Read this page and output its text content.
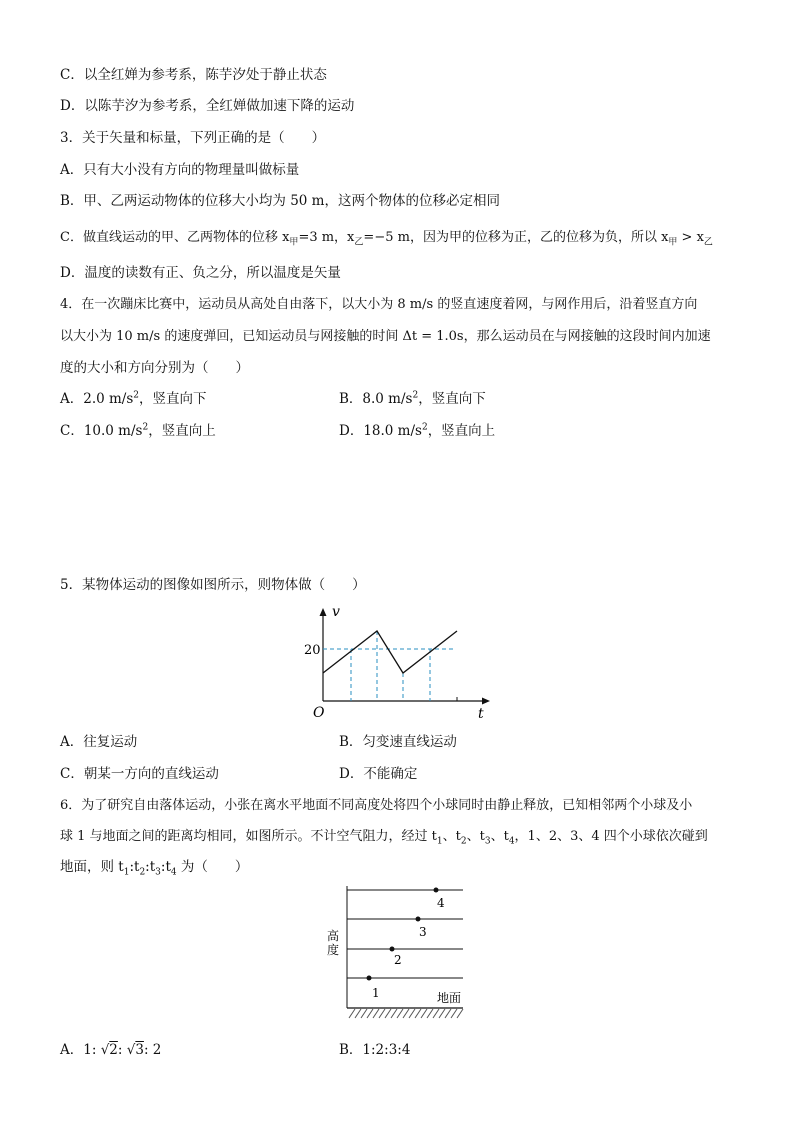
C．以全红婵为参考系，陈芋汐处于静止状态
D．以陈芋汐为参考系，全红婵做加速下降的运动
3．关于矢量和标量，下列正确的是（　　）
A．只有大小没有方向的物理量叫做标量
B．甲、乙两运动物体的位移大小均为 50 m，这两个物体的位移必定相同
C．做直线运动的甲、乙两物体的位移 $x_甲=3$ m，$x_乙=-5$ m，因为甲的位移为正，乙的位移为负，所以 $x_甲 > x_乙$
D．温度的读数有正、负之分，所以温度是矢量
4．在一次蹦床比赛中，运动员从高处自由落下，以大小为 8 m/s 的竖直速度着网，与网作用后，沿着竖直方向
以大小为 10 m/s 的速度弹回，已知运动员与网接触的时间 Δt = 1.0s，那么运动员在与网接触的这段时间内加速
度的大小和方向分别为（　　）
A．2.0 $m/s^2$，竖直向下	B．8.0 $m/s^2$，竖直向下
C．10.0 $m/s^2$，竖直向上	D．18.0 $m/s^2$，竖直向上
5．某物体运动的图像如图所示，则物体做（　　）
v
t
O
20
A．往复运动	B．匀变速直线运动
C．朝某一方向的直线运动	D．不能确定
6．为了研究自由落体运动，小张在离水平地面不同高度处将四个小球同时由静止释放，已知相邻两个小球及小
球 1 与地面之间的距离均相同，如图所示。不计空气阻力，经过 $t_1$、$t_2$、$t_3$、$t_4$，1、2、3、4 四个小球依次碰到
地面，则 $t_1:t_2:t_3:t_4$ 为（　　）
1
2
3
4
高
度
地面
A．1: √2: √3: 2	B．1:2:3:4
